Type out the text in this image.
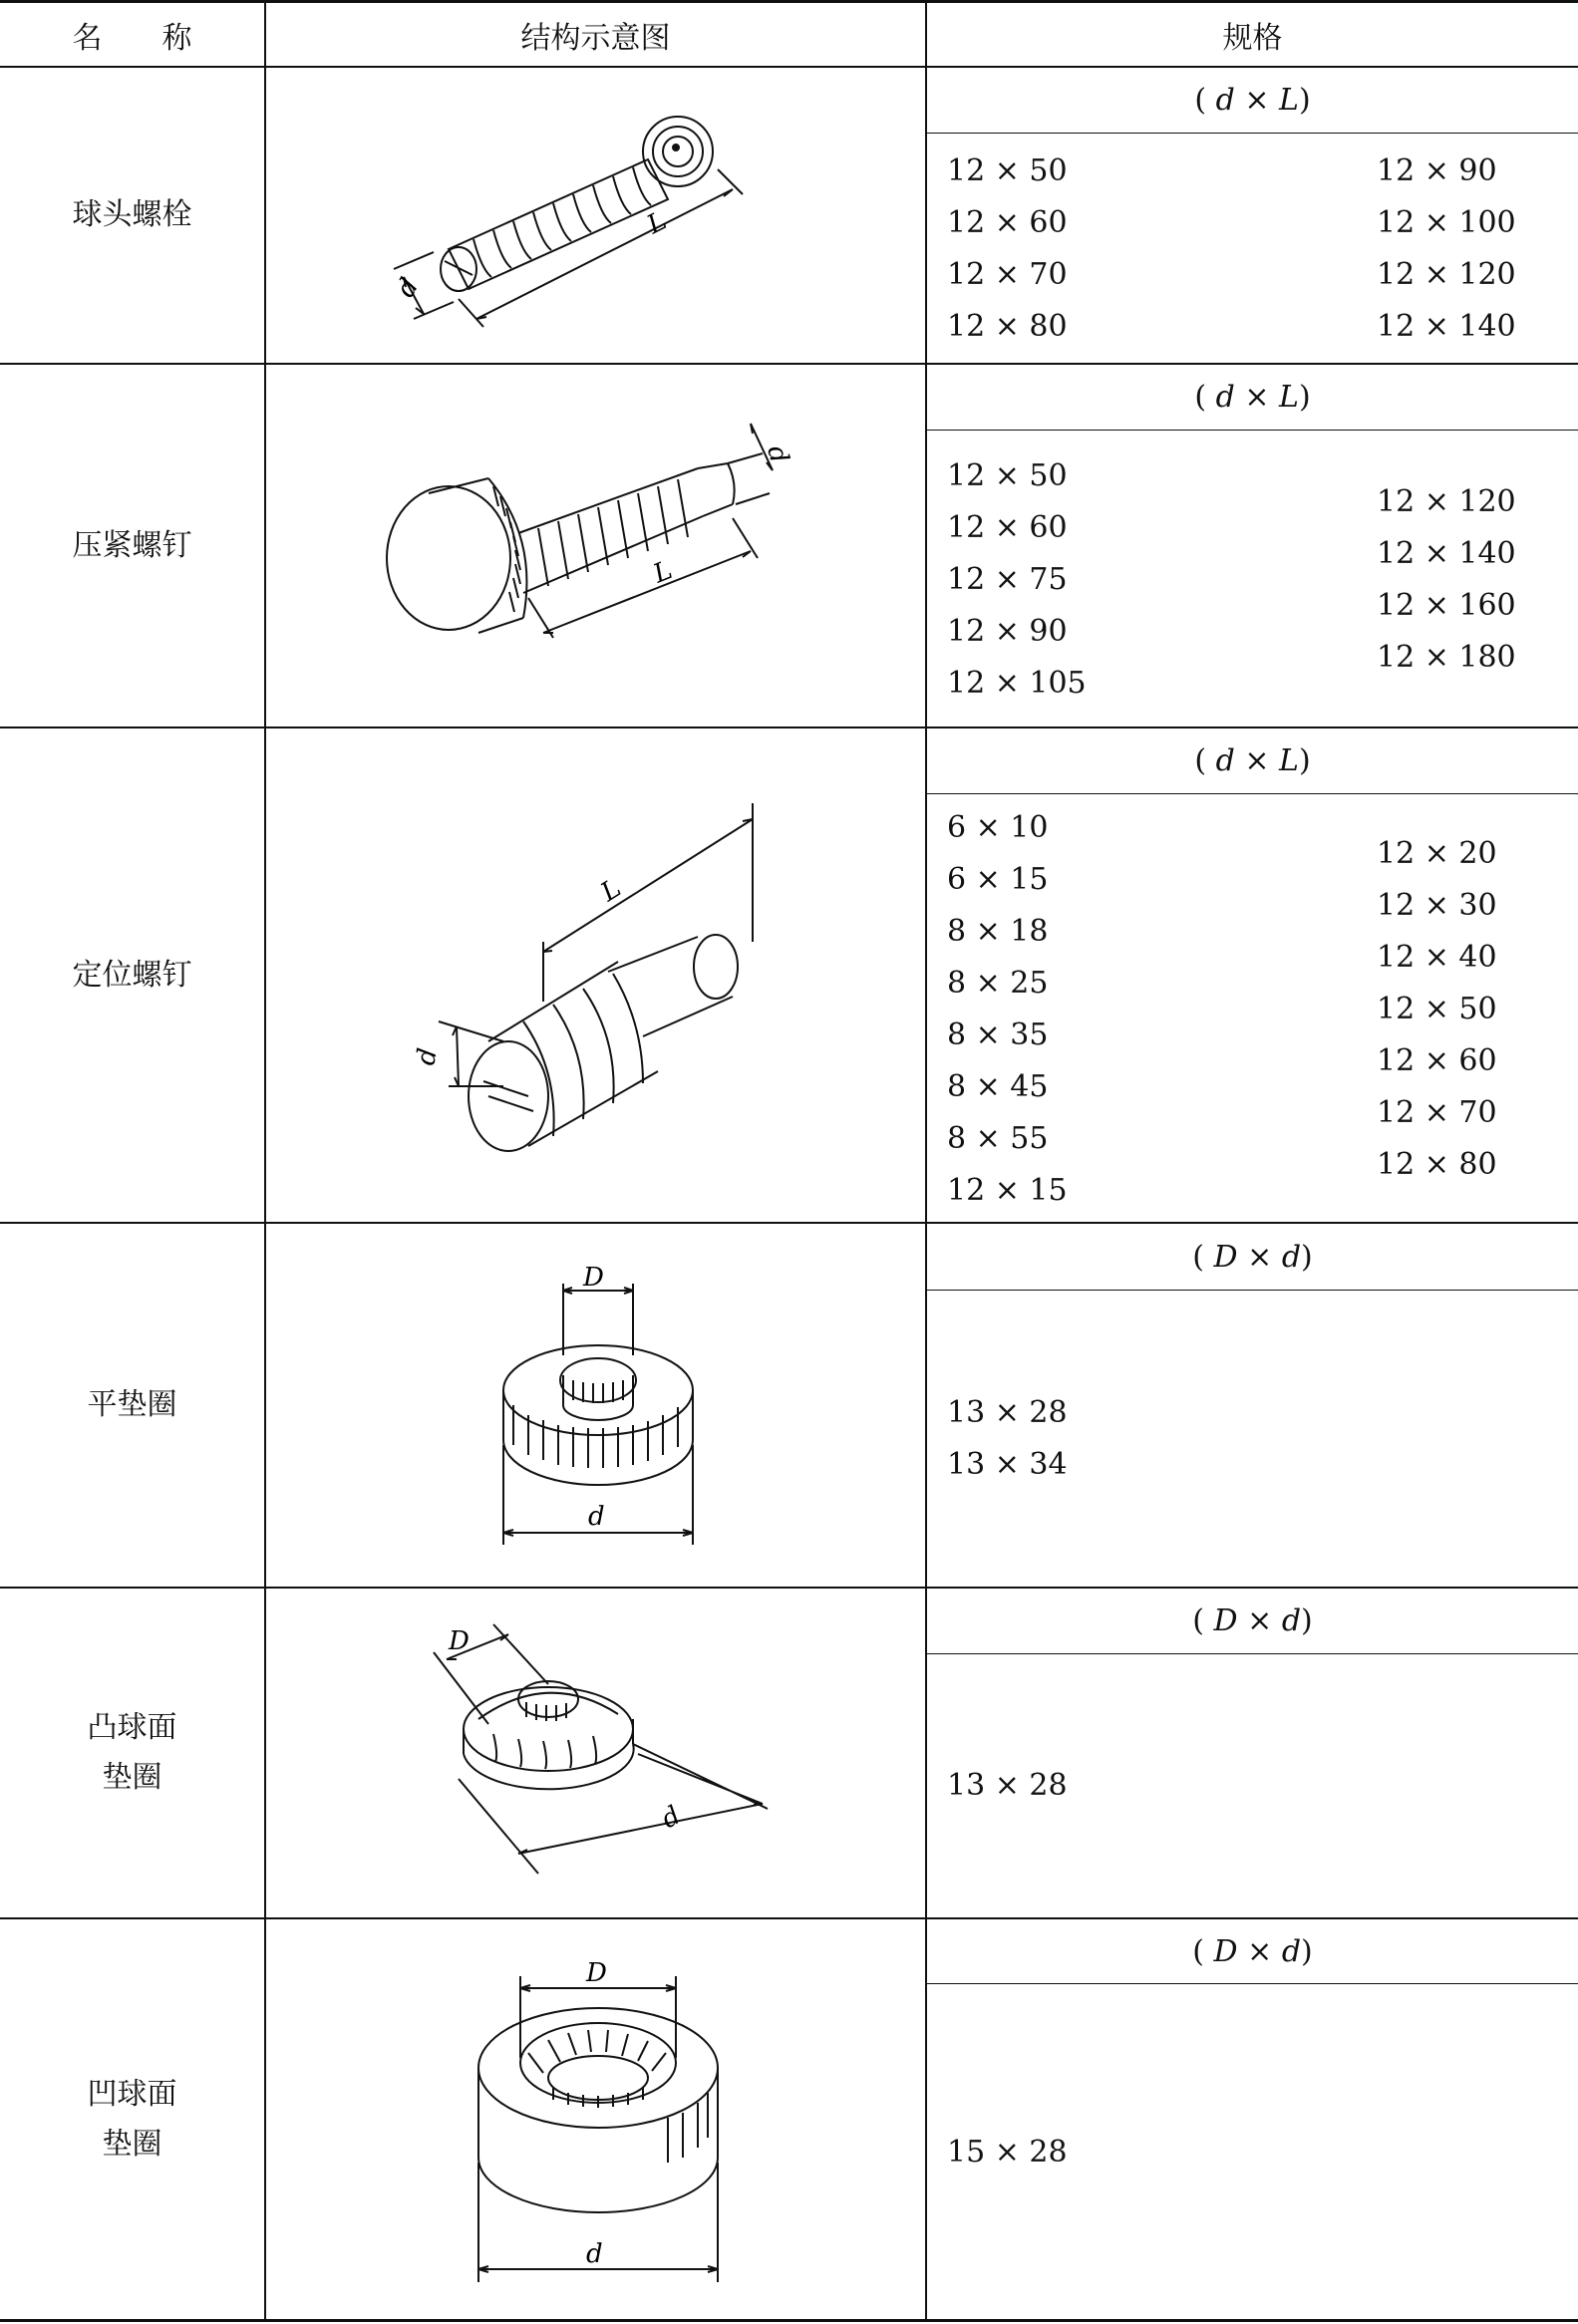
名　　称	结构示意图	规格
球头螺栓
(
d
×
L )
12 × 50
12 × 60
12 × 70
12 × 80
12 × 90
12 × 100
12 × 120
12 × 140
d
L
压紧螺钉
(
d
×
L )
12 × 50
12 × 60
12 × 75
12 × 90
12 × 105
12 × 120
12 × 140
12 × 160
12 × 180
d
L
定位螺钉
(
d
×
L )
6 × 10
6 × 15
8 × 18
8 × 25
8 × 35
8 × 45
8 × 55
12 × 15
12 × 20
12 × 30
12 × 40
12 × 50
12 × 60
12 × 70
12 × 80
d
L
平垫圈
(
D
×
d )
13 × 28
13 × 34
D
d
凸球面
垫圈
(
D
×
d )
13 × 28
D
d
凹球面
垫圈
(
D
×
d )
15 × 28
D
d
